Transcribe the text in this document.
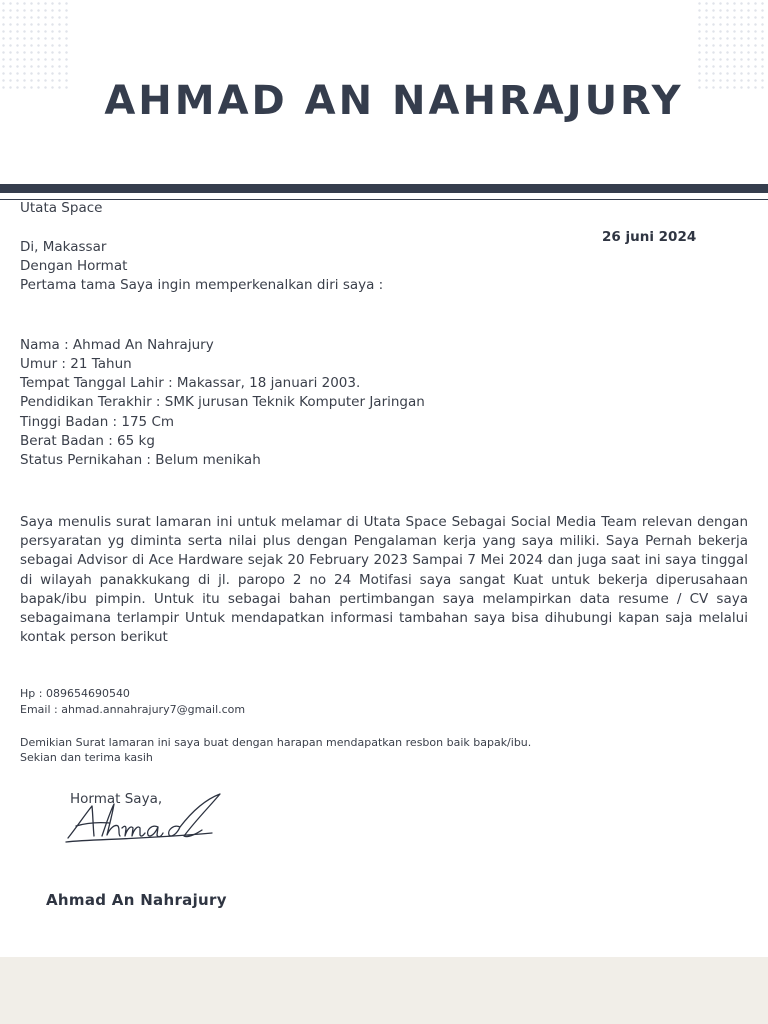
AHMAD AN NAHRAJURY
Utata Space
26 juni 2024
Di, Makassar
Dengan Hormat
Pertama tama Saya ingin memperkenalkan diri saya :
Nama : Ahmad An Nahrajury
Umur : 21 Tahun
Tempat Tanggal Lahir : Makassar, 18 januari 2003.
Pendidikan Terakhir : SMK jurusan Teknik Komputer Jaringan
Tinggi Badan : 175 Cm
Berat Badan : 65 kg
Status Pernikahan : Belum menikah

Saya menulis surat lamaran ini untuk melamar di Utata Space Sebagai Social Media Team relevan dengan persyaratan yg diminta serta nilai plus dengan Pengalaman kerja yang saya miliki. Saya Pernah bekerja sebagai Advisor di Ace Hardware sejak 20 February 2023 Sampai 7 Mei 2024 dan juga saat ini saya tinggal di wilayah panakkukang di jl. paropo 2 no 24 Motifasi saya sangat Kuat untuk bekerja diperusahaan bapak/ibu pimpin. Untuk itu sebagai bahan pertimbangan saya melampirkan data resume / CV saya sebagaimana terlampir Untuk mendapatkan informasi tambahan saya bisa dihubungi kapan saja melalui kontak person berikut

Hp : 089654690540
Email : ahmad.annahrajury7@gmail.com
Demikian Surat lamaran ini saya buat dengan harapan mendapatkan resbon baik bapak/ibu.
Sekian dan terima kasih
Hormat Saya,
Ahmad An Nahrajury
